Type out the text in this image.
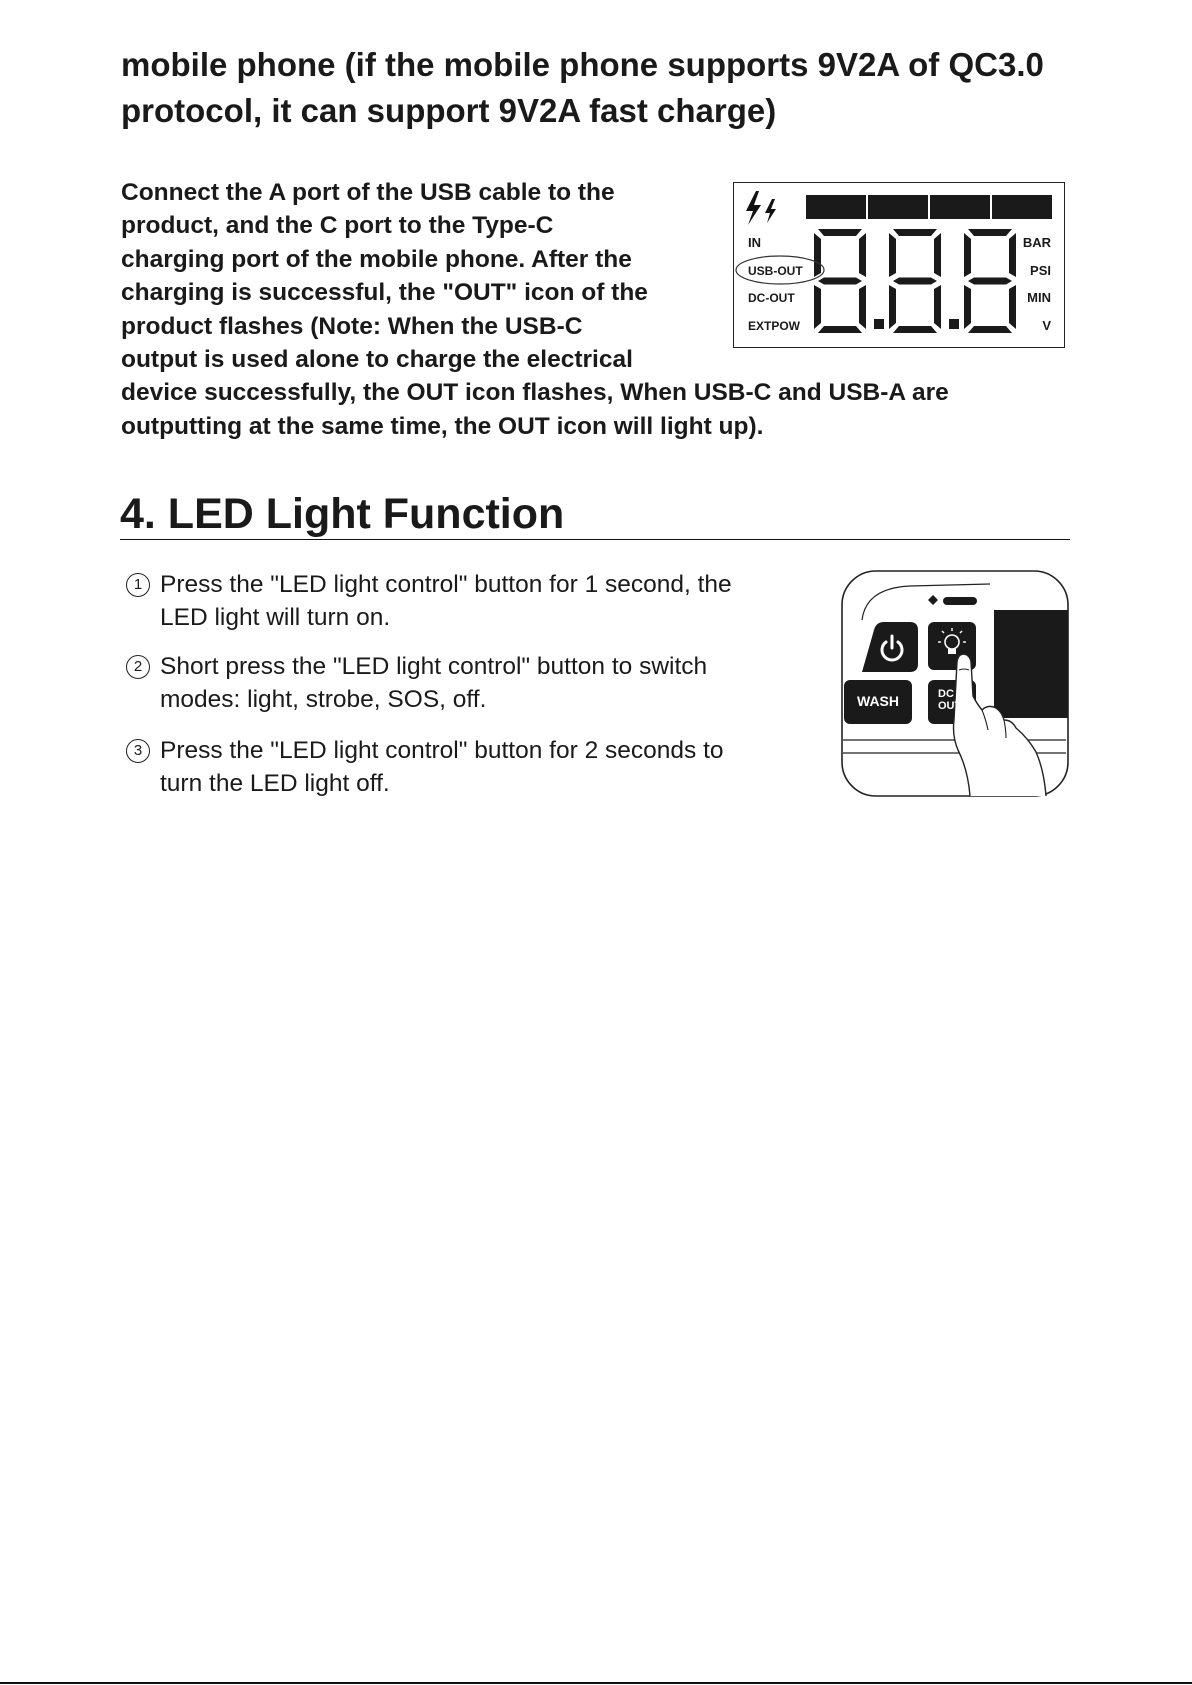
mobile phone (if the mobile phone supports 9V2A of QC3.0
protocol, it can support 9V2A fast charge)

Connect the A port of the USB cable to the
product, and the C port to the Type-C
charging port of the mobile phone. After the
charging is successful, the "OUT" icon of the
product flashes (Note: When the USB-C
output is used alone to charge the electrical
device successfully, the OUT icon flashes, When USB-C and USB-A are
outputting at the same time, the OUT icon will light up).

IN
USB-OUT
DC-OUT
EXTPOW
BAR
PSI
MIN
V
4. LED Light Function
1 Press the "LED light control" button for 1 second, the
LED light will turn on.
2 Short press the "LED light control" button to switch
modes: light, strobe, SOS, off.
3 Press the "LED light control" button for 2 seconds to
turn the LED light off.
WASH	DC
OUT
